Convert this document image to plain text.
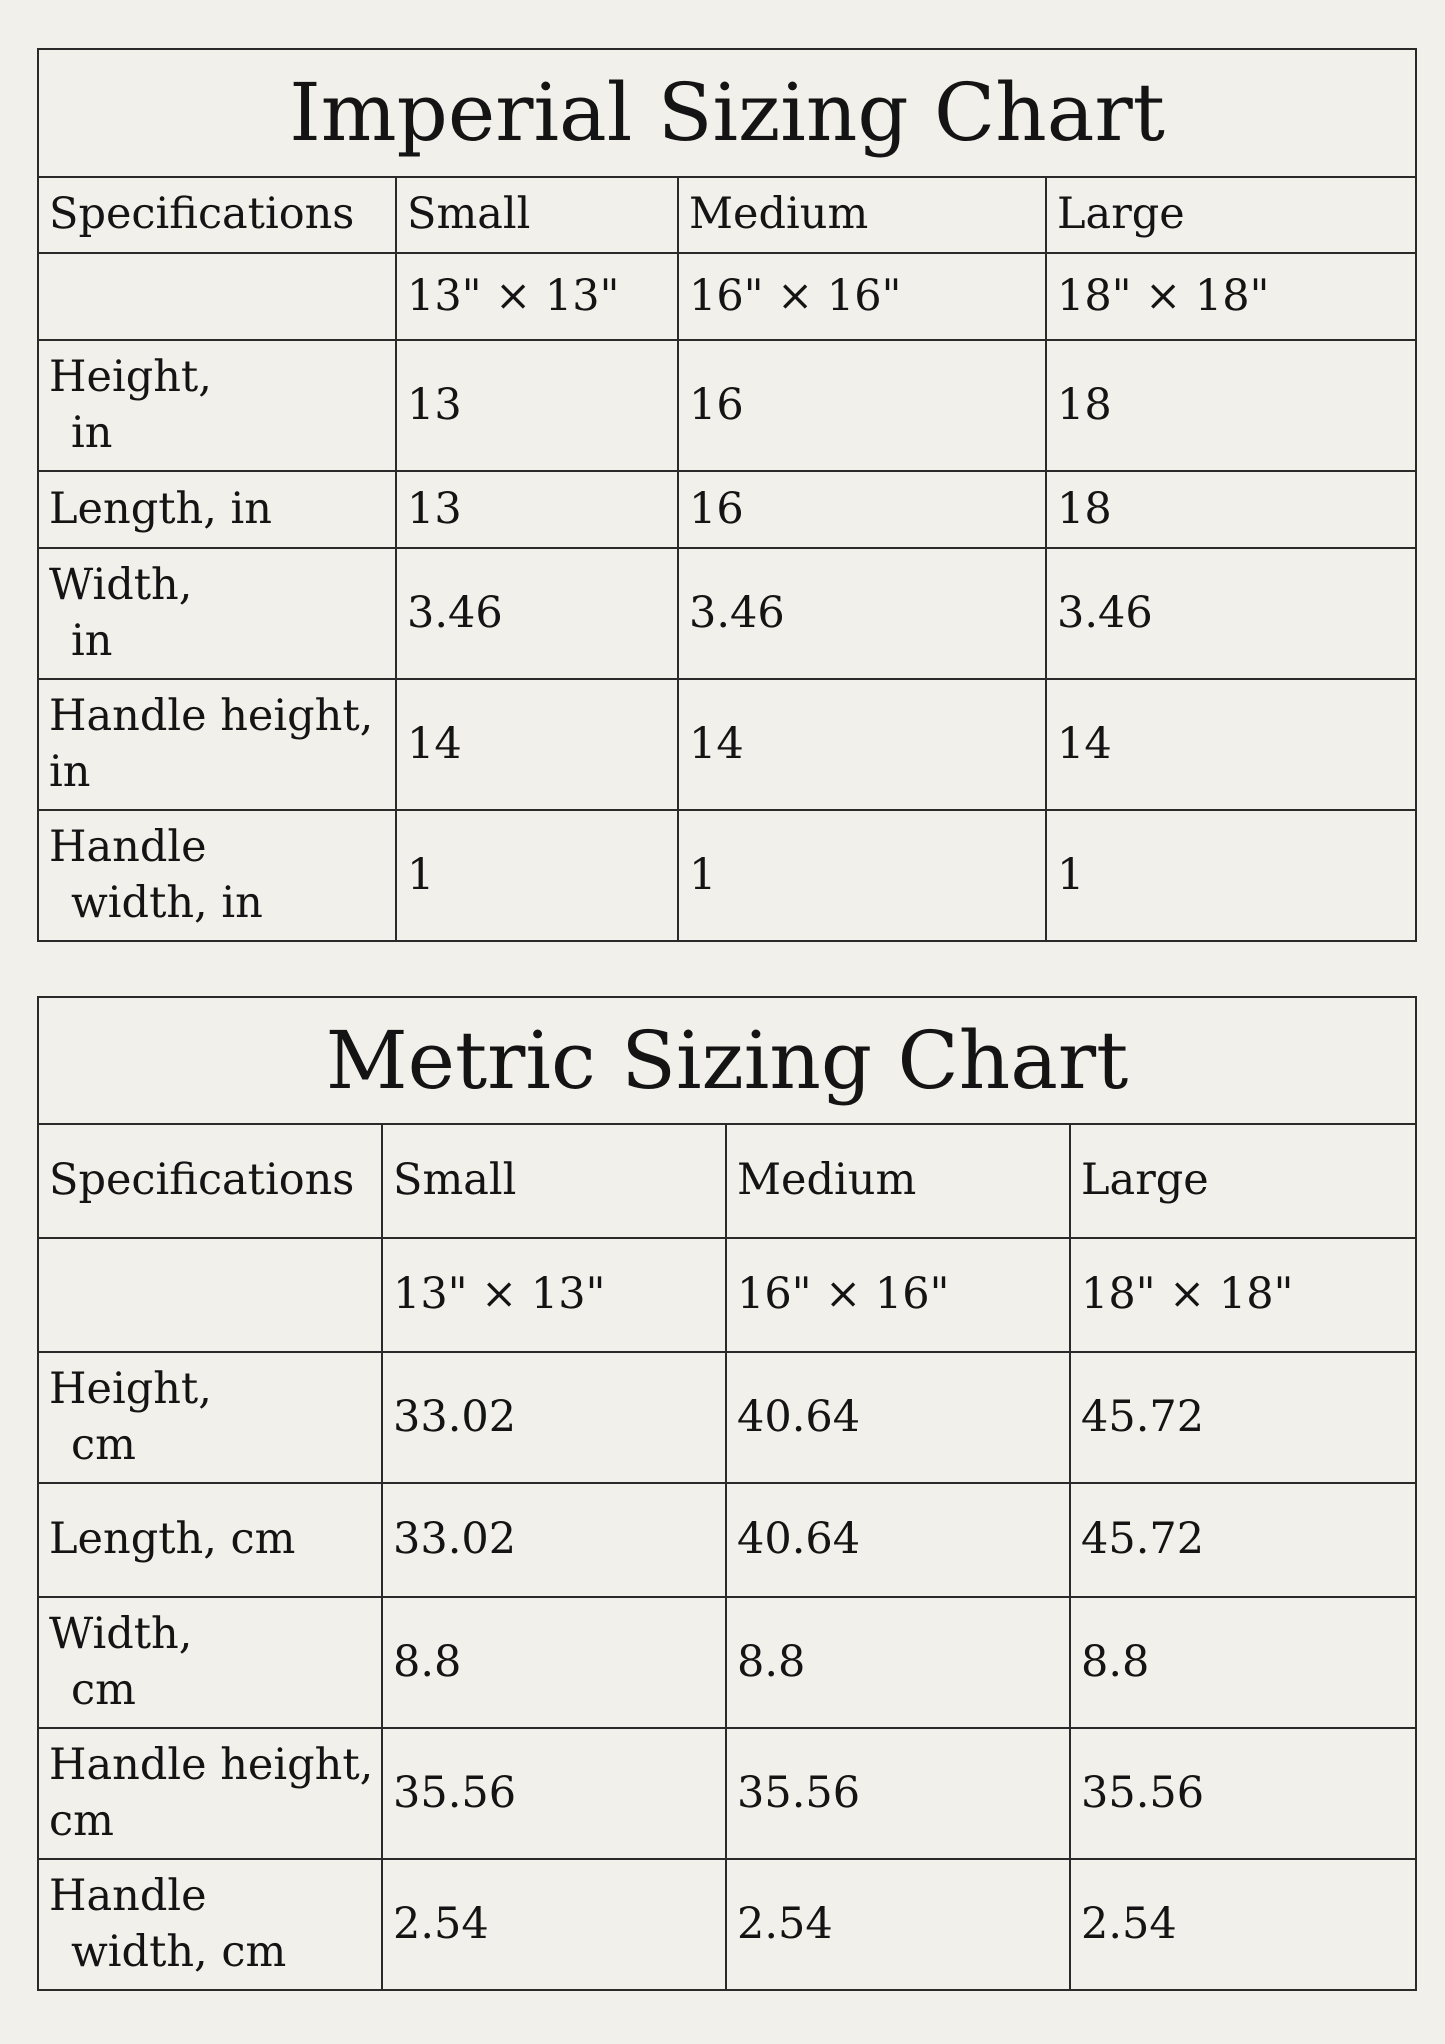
Imperial Sizing Chart			
Specifications	Small	Medium	Large
	13" × 13"	16" × 16"	18" × 18"
Height,
in	13	16	18
Length, in	13	16	18
Width,
in	3.46	3.46	3.46
Handle height,
in	14	14	14
Handle
width, in	1	1	1
Metric Sizing Chart			
Specifications	Small	Medium	Large
	13" × 13"	16" × 16"	18" × 18"
Height,
cm	33.02	40.64	45.72
Length, cm	33.02	40.64	45.72
Width,
cm	8.8	8.8	8.8
Handle height,
cm	35.56	35.56	35.56
Handle
width, cm	2.54	2.54	2.54
